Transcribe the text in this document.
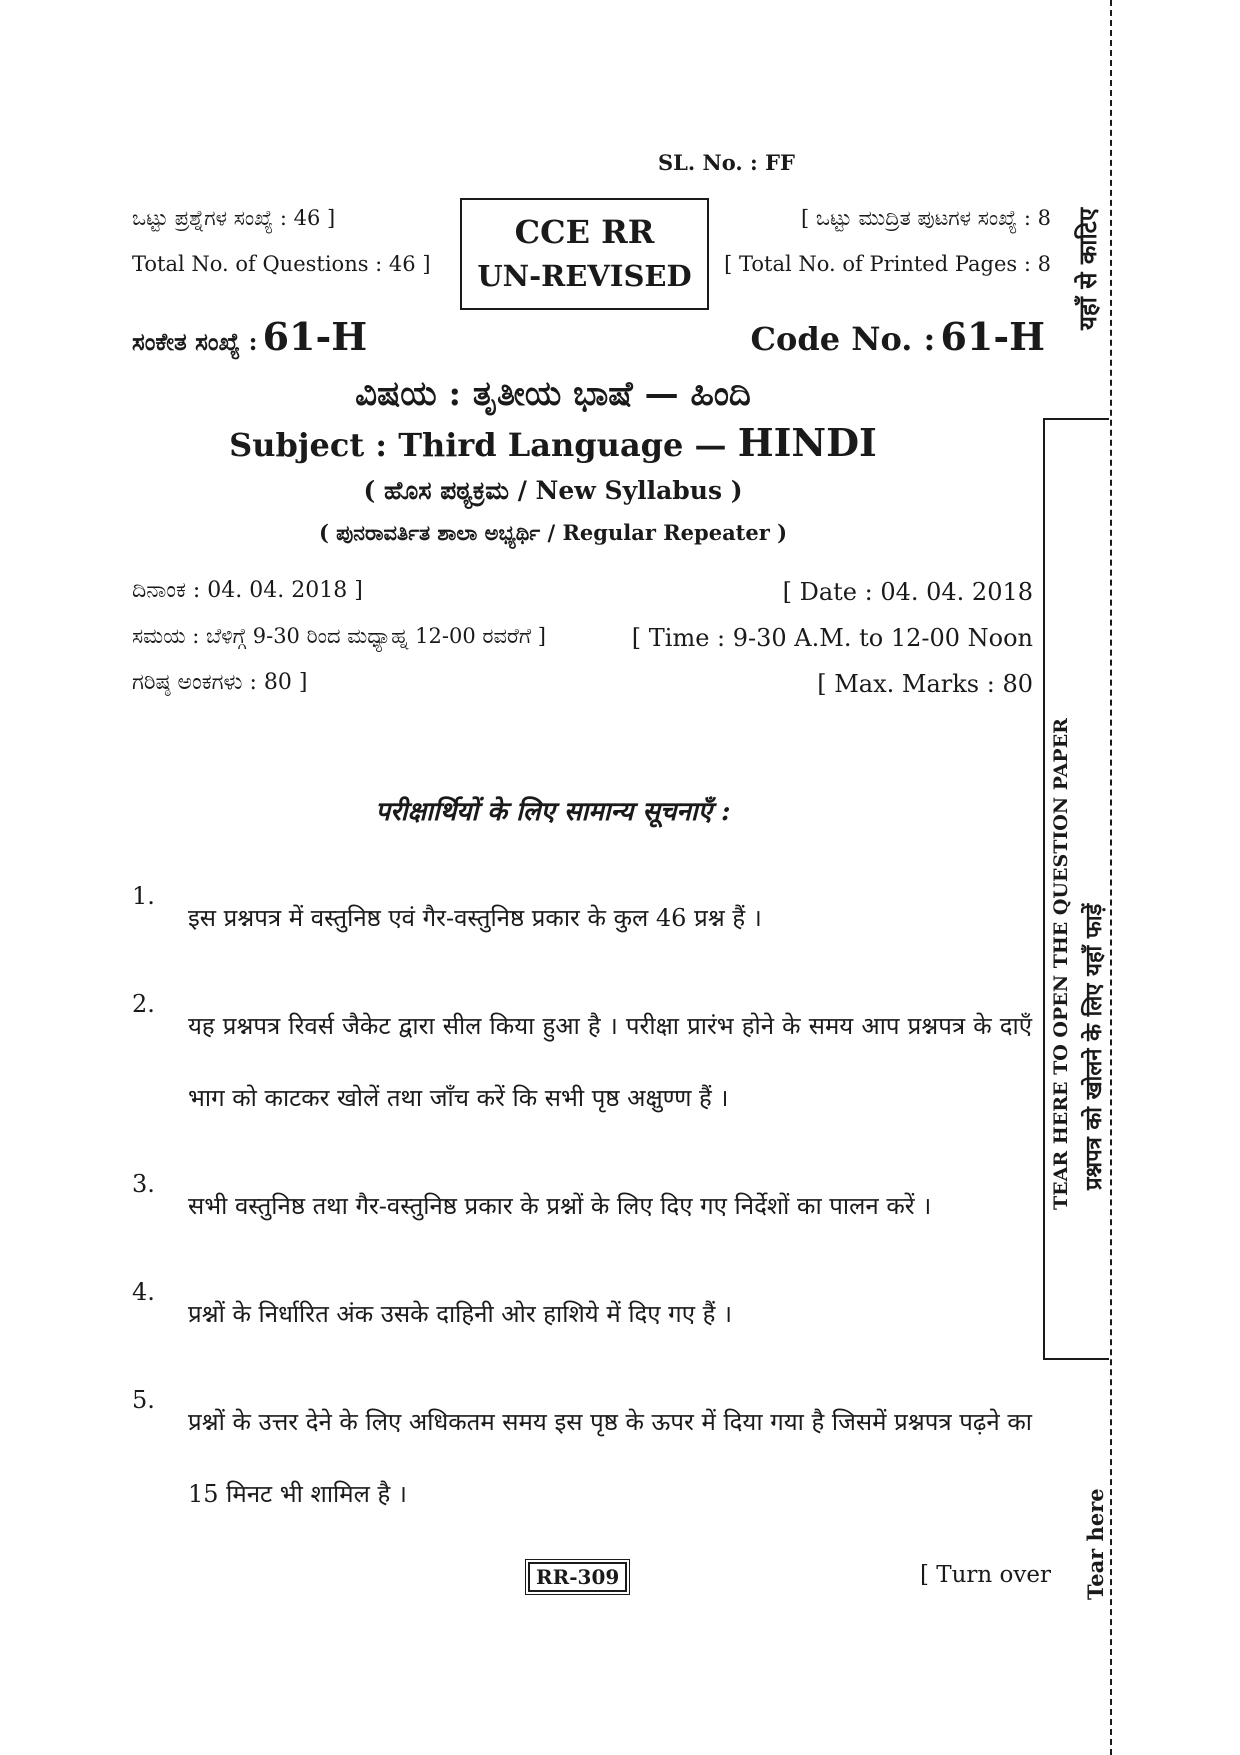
SL. No. : FF
ಒಟ್ಟು ಪ್ರಶ್ನೆಗಳ ಸಂಖ್ಯೆ : 46 ]
Total No. of Questions : 46 ]
CCE RR
UN-REVISED
[ ಒಟ್ಟು ಮುದ್ರಿತ ಪುಟಗಳ ಸಂಖ್ಯೆ : 8
[ Total No. of Printed Pages : 8
ಸಂಕೇತ ಸಂಖ್ಯೆ : 61-H	Code No. : 61-H
ವಿಷಯ : ತೃತೀಯ ಭಾಷೆ — ಹಿಂದಿ
Subject : Third Language — HINDI
( ಹೊಸ ಪಠ್ಯಕ್ರಮ / New Syllabus )
( ಪುನರಾವರ್ತಿತ ಶಾಲಾ ಅಭ್ಯರ್ಥಿ / Regular Repeater )
ದಿನಾಂಕ : 04. 04. 2018 ]	[ Date : 04. 04. 2018
ಸಮಯ : ಬೆಳಿಗ್ಗೆ 9-30 ರಿಂದ ಮಧ್ಯಾಹ್ನ 12-00 ರವರೆಗೆ ]	[ Time : 9-30 A.M. to 12-00 Noon
ಗರಿಷ್ಠ ಅಂಕಗಳು : 80 ]	[ Max. Marks : 80
परीक्षार्थियों के लिए सामान्य सूचनाएँ :
1.
इस प्रश्नपत्र में वस्तुनिष्ठ एवं गैर-वस्तुनिष्ठ प्रकार के कुल 46 प्रश्न हैं ।
2.
यह प्रश्नपत्र रिवर्स जैकेट द्वारा सील किया हुआ है । परीक्षा प्रारंभ होने के समय आप प्रश्नपत्र के दाएँ भाग को काटकर खोलें तथा जाँच करें कि सभी पृष्ठ अक्षुण्ण हैं ।
3.
सभी वस्तुनिष्ठ तथा गैर-वस्तुनिष्ठ प्रकार के प्रश्नों के लिए दिए गए निर्देशों का पालन करें ।
4.
प्रश्नों के निर्धारित अंक उसके दाहिनी ओर हाशिये में दिए गए हैं ।
5.
प्रश्नों के उत्तर देने के लिए अधिकतम समय इस पृष्ठ के ऊपर में दिया गया है जिसमें प्रश्नपत्र पढ़ने का 15 मिनट भी शामिल है ।
RR-309	[ Turn over
यहाँ से काटिए
TEAR HERE TO OPEN THE QUESTION PAPER प्रश्नपत्र को खोलने के लिए यहाँ फाड़ें
Tear here
